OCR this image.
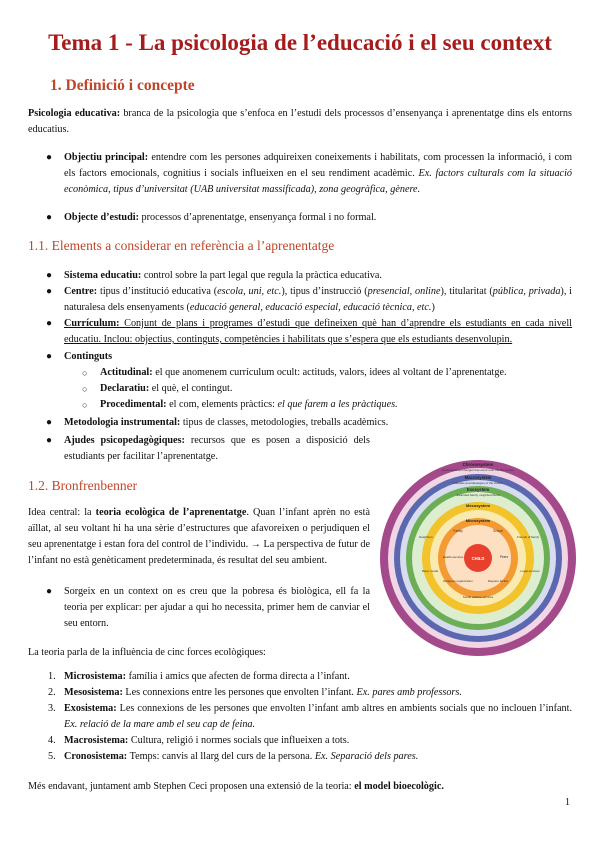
Tema 1 - La psicologia de l’educació i el seu context
1. Definició i concepte
Psicologia educativa: branca de la psicologia que s’enfoca en l’estudi dels processos d’ensenyança i aprenentatge dins els entorns educatius.
● Objectiu principal: entendre com les persones adquireixen coneixements i habilitats, com processen la informació, i com els factors emocionals, cognitius i socials influeixen en el seu rendiment acadèmic. Ex. factors culturals com la situació econòmica, tipus d’universitat (UAB universitat massificada), zona geogràfica, gènere.
● Objecte d’estudi: processos d’aprenentatge, ensenyança formal i no formal.
1.1. Elements a considerar en referència a l’aprenentatge
● Sistema educatiu: control sobre la part legal que regula la pràctica educativa.
● Centre: tipus d’institució educativa (escola, uni, etc.), tipus d’instrucció (presencial, online), titularitat (pública, privada), i naturalesa dels ensenyaments (educació general, educació especial, educació tècnica, etc.)
● Currículum: Conjunt de plans i programes d’estudi que defineixen què han d’aprendre els estudiants en cada nivell educatiu. Inclou: objectius, continguts, competències i habilitats que s’espera que els estudiants desenvolupin.
● Continguts
○ Actitudinal: el que anomenem currículum ocult: actituds, valors, idees al voltant de l’aprenentatge.
○ Declaratiu: el què, el contingut.
○ Procedimental: el com, elements pràctics: el que farem a les pràctiques.
● Metodologia instrumental: tipus de classes, metodologies, treballs acadèmics.
● Ajudes psicopedagògiques: recursos que es posen a disposició dels estudiants per facilitar l’aprenentatge.
1.2. Bronfrenbenner
Idea central: la teoria ecològica de l’aprenentatge. Quan l’infant aprèn no està aïllat, al seu voltant hi ha una sèrie d’estructures que afavoreixen o perjudiquen el seu aprenentatge i estan fora del control de l’individu. → La perspectiva de futur de l’infant no està genèticament predeterminada, és resultat del seu ambient.
● Sorgeix en un context on es creu que la pobresa és biològica, ell fa la teoria per explicar: per ajudar a qui ho necessita, primer hem de canviar el seu entorn.
La teoria parla de la influència de cinc forces ecològiques:
1. Microsistema: família i amics que afecten de forma directa a l’infant.
2. Mesosistema: Les connexions entre les persones que envolten l’infant. Ex. pares amb professors.
3. Exosistema: Les connexions de les persones que envolten l’infant amb altres en ambients socials que no inclouen l’infant. Ex. relació de la mare amb el seu cap de feina.
4. Macrosistema: Cultura, religió i normes socials que influeixen a tots.
5. Cronosistema: Temps: canvis al llarg del curs de la persona. Ex. Separació dels pares.
Més endavant, juntament amb Stephen Ceci proposen una extensió de la teoria: el model bioecològic.
1
Chronosystem
Environmental changes that occur over the life course
Macrosystem
Attitudes and ideologies of the culture
Exosystem
Extended family, neighbourhood
Mesosystem
Microsystem
CHILD
Family	School
Health services	Peers
Religious organization	Daycare facility
Social welfare services
Neighbors
Mass media	Legal services
Friends of family
